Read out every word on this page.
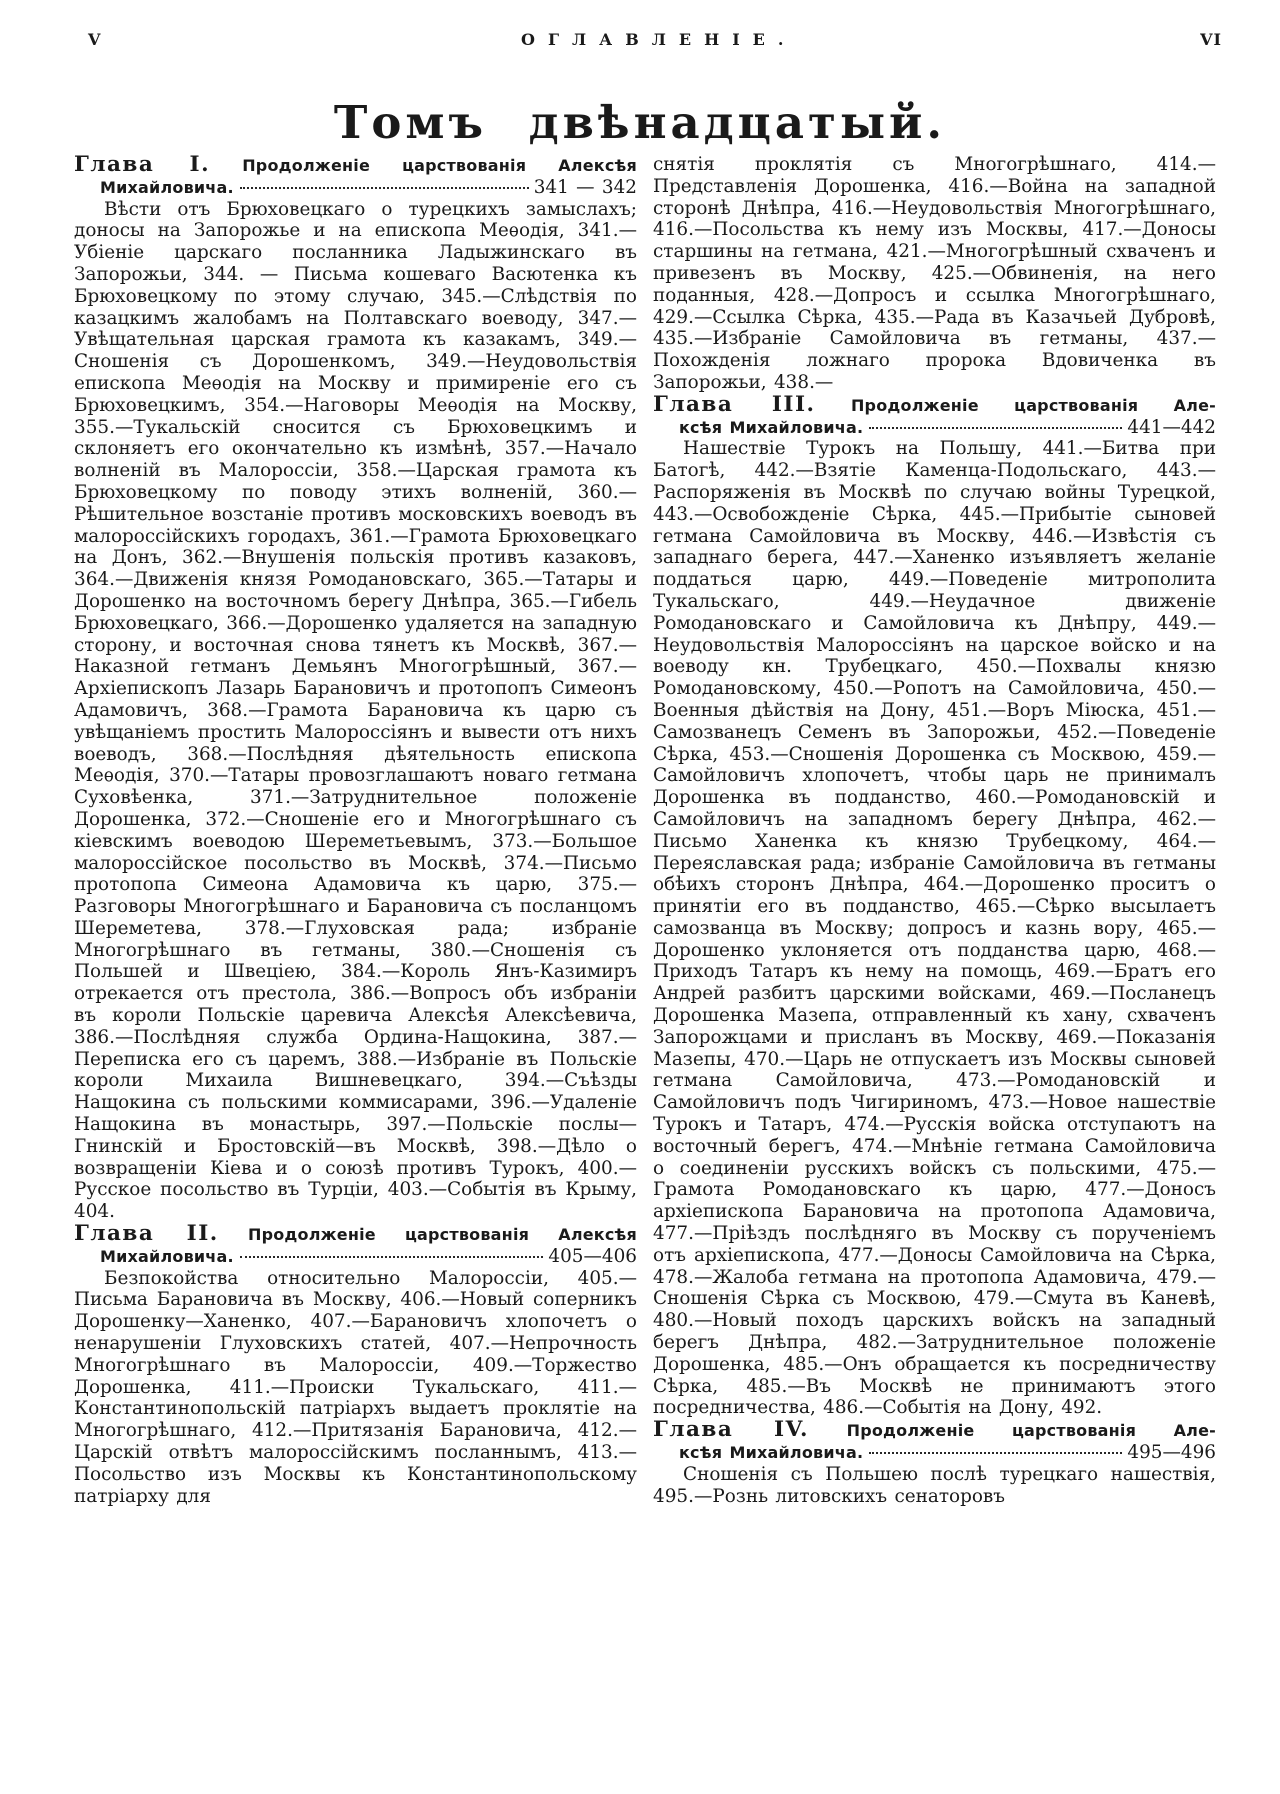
V	ОГЛАВЛЕНІЕ.	VI
Томъ двѣнадцатый.
Глава I. Продолженіе царствованія Алексѣя
Михайловича.	341 — 342

Вѣсти отъ Брюховецкаго о турецкихъ замыслахъ; доносы на Запорожье и на епископа Меѳодія, 341.—Убіеніе царскаго посланника Ладыжинскаго въ Запорожьи, 344. — Письма кошеваго Васютенка къ Брюховецкому по этому случаю, 345.—Слѣдствія по казацкимъ жалобамъ на Полтавскаго воеводу, 347.—Увѣщательная царская грамота къ казакамъ, 349.—Сношенія съ Дорошенкомъ, 349.—Неудовольствія епископа Меѳодія на Москву и примиреніе его съ Брюховецкимъ, 354.—Наговоры Меѳодія на Москву, 355.—Тукальскій сносится съ Брюховецкимъ и склоняетъ его окончательно къ измѣнѣ, 357.—Начало волненій въ Малороссіи, 358.—Царская грамота къ Брюховецкому по поводу этихъ волненій, 360.—Рѣшительное возстаніе противъ московскихъ воеводъ въ малороссійскихъ городахъ, 361.—Грамота Брюховецкаго на Донъ, 362.—Внушенія польскія противъ казаковъ, 364.—Движенія князя Ромодановскаго, 365.—Татары и Дорошенко на восточномъ берегу Днѣпра, 365.—Гибель Брюховецкаго, 366.—Дорошенко удаляется на западную сторону, и восточная снова тянетъ къ Москвѣ, 367.—Наказной гетманъ Демьянъ Многогрѣшный, 367.—Архіепископъ Лазарь Барановичъ и протопопъ Симеонъ Адамовичъ, 368.—Грамота Барановича къ царю съ увѣщаніемъ простить Малороссіянъ и вывести отъ нихъ воеводъ, 368.—Послѣдняя дѣятельность епископа Меѳодія, 370.—Татары провозглашаютъ новаго гетмана Суховѣенка, 371.—Затруднительное положеніе Дорошенка, 372.—Сношеніе его и Многогрѣшнаго съ кіевскимъ воеводою Шереметьевымъ, 373.—Большое малороссійское посольство въ Москвѣ, 374.—Письмо протопопа Симеона Адамовича къ царю, 375.—Разговоры Многогрѣшнаго и Барановича съ посланцомъ Шереметева, 378.—Глуховская рада; избраніе Многогрѣшнаго въ гетманы, 380.—Сношенія съ Польшей и Швеціею, 384.—Король Янъ-Казимиръ отрекается отъ престола, 386.—Вопросъ объ избраніи въ короли Польскіе царевича Алексѣя Алексѣевича, 386.—Послѣдняя служба Ордина-Нащокина, 387.—Переписка его съ царемъ, 388.—Избраніе въ Польскіе короли Михаила Вишневецкаго, 394.—Съѣзды Нащокина съ польскими коммисарами, 396.—Удаленіе Нащокина въ монастырь, 397.—Польскіе послы—Гнинскій и Бростовскій—въ Москвѣ, 398.—Дѣло о возвращеніи Кіева и о союзѣ противъ Турокъ, 400.—Русское посольство въ Турціи, 403.—Событія въ Крыму, 404.

Глава II. Продолженіе царствованія Алексѣя
Михайловича.	405—406

Безпокойства относительно Малороссіи, 405.—Письма Барановича въ Москву, 406.—Новый соперникъ Дорошенку—Ханенко, 407.—Барановичъ хлопочетъ о ненарушеніи Глуховскихъ статей, 407.—Непрочность Многогрѣшнаго въ Малороссіи, 409.—Торжество Дорошенка, 411.—Происки Тукальскаго, 411.—Константинопольскій патріархъ выдаетъ проклятіе на Многогрѣшнаго, 412.—Притязанія Барановича, 412.—Царскій отвѣтъ малороссійскимъ посланнымъ, 413.—Посольство изъ Москвы къ Константинопольскому патріарху для

снятія проклятія съ Многогрѣшнаго, 414.—Представленія Дорошенка, 416.—Война на западной сторонѣ Днѣпра, 416.—Неудовольствія Многогрѣшнаго, 416.—Посольства къ нему изъ Москвы, 417.—Доносы старшины на гетмана, 421.—Многогрѣшный схваченъ и привезенъ въ Москву, 425.—Обвиненія, на него поданныя, 428.—Допросъ и ссылка Многогрѣшнаго, 429.—Ссылка Сѣрка, 435.—Рада въ Казачьей Дубровѣ, 435.—Избраніе Самойловича въ гетманы, 437.—Похожденія ложнаго пророка Вдовиченка въ Запорожьи, 438.—

Глава III. Продолженіе царствованія Але-
ксѣя Михайловича.	441—442

Нашествіе Турокъ на Польшу, 441.—Битва при Батогѣ, 442.—Взятіе Каменца-Подольскаго, 443.—Распоряженія въ Москвѣ по случаю войны Турецкой, 443.—Освобожденіе Сѣрка, 445.—Прибытіе сыновей гетмана Самойловича въ Москву, 446.—Извѣстія съ западнаго берега, 447.—Ханенко изъявляетъ желаніе поддаться царю, 449.—Поведеніе митрополита Тукальскаго, 449.—Неудачное движеніе Ромодановскаго и Самойловича къ Днѣпру, 449.—Неудовольствія Малороссіянъ на царское войско и на воеводу кн. Трубецкаго, 450.—Похвалы князю Ромодановскому, 450.—Ропотъ на Самойловича, 450.—Военныя дѣйствія на Дону, 451.—Воръ Міюска, 451.—Самозванецъ Семенъ въ Запорожьи, 452.—Поведеніе Сѣрка, 453.—Сношенія Дорошенка съ Москвою, 459.—Самойловичъ хлопочетъ, чтобы царь не принималъ Дорошенка въ подданство, 460.—Ромодановскій и Самойловичъ на западномъ берегу Днѣпра, 462.—Письмо Ханенка къ князю Трубецкому, 464.—Переяславская рада; избраніе Самойловича въ гетманы обѣихъ сторонъ Днѣпра, 464.—Дорошенко проситъ о принятіи его въ подданство, 465.—Сѣрко высылаетъ самозванца въ Москву; допросъ и казнь вору, 465.—Дорошенко уклоняется отъ подданства царю, 468.—Приходъ Татаръ къ нему на помощь, 469.—Братъ его Андрей разбитъ царскими войсками, 469.—Посланецъ Дорошенка Мазепа, отправленный къ хану, схваченъ Запорожцами и присланъ въ Москву, 469.—Показанія Мазепы, 470.—Царь не отпускаетъ изъ Москвы сыновей гетмана Самойловича, 473.—Ромодановскій и Самойловичъ подъ Чигириномъ, 473.—Новое нашествіе Турокъ и Татаръ, 474.—Русскія войска отступаютъ на восточный берегъ, 474.—Мнѣніе гетмана Самойловича о соединеніи русскихъ войскъ съ польскими, 475.—Грамота Ромодановскаго къ царю, 477.—Доносъ архіепископа Барановича на протопопа Адамовича, 477.—Пріѣздъ послѣдняго въ Москву съ порученіемъ отъ архіепископа, 477.—Доносы Самойловича на Сѣрка, 478.—Жалоба гетмана на протопопа Адамовича, 479.—Сношенія Сѣрка съ Москвою, 479.—Смута въ Каневѣ, 480.—Новый походъ царскихъ войскъ на западный берегъ Днѣпра, 482.—Затруднительное положеніе Дорошенка, 485.—Онъ обращается къ посредничеству Сѣрка, 485.—Въ Москвѣ не принимаютъ этого посредничества, 486.—Событія на Дону, 492.

Глава IV. Продолженіе царствованія Але-
ксѣя Михайловича.	495—496

Сношенія съ Польшею послѣ турецкаго нашествія, 495.—Рознь литовскихъ сенаторовъ
